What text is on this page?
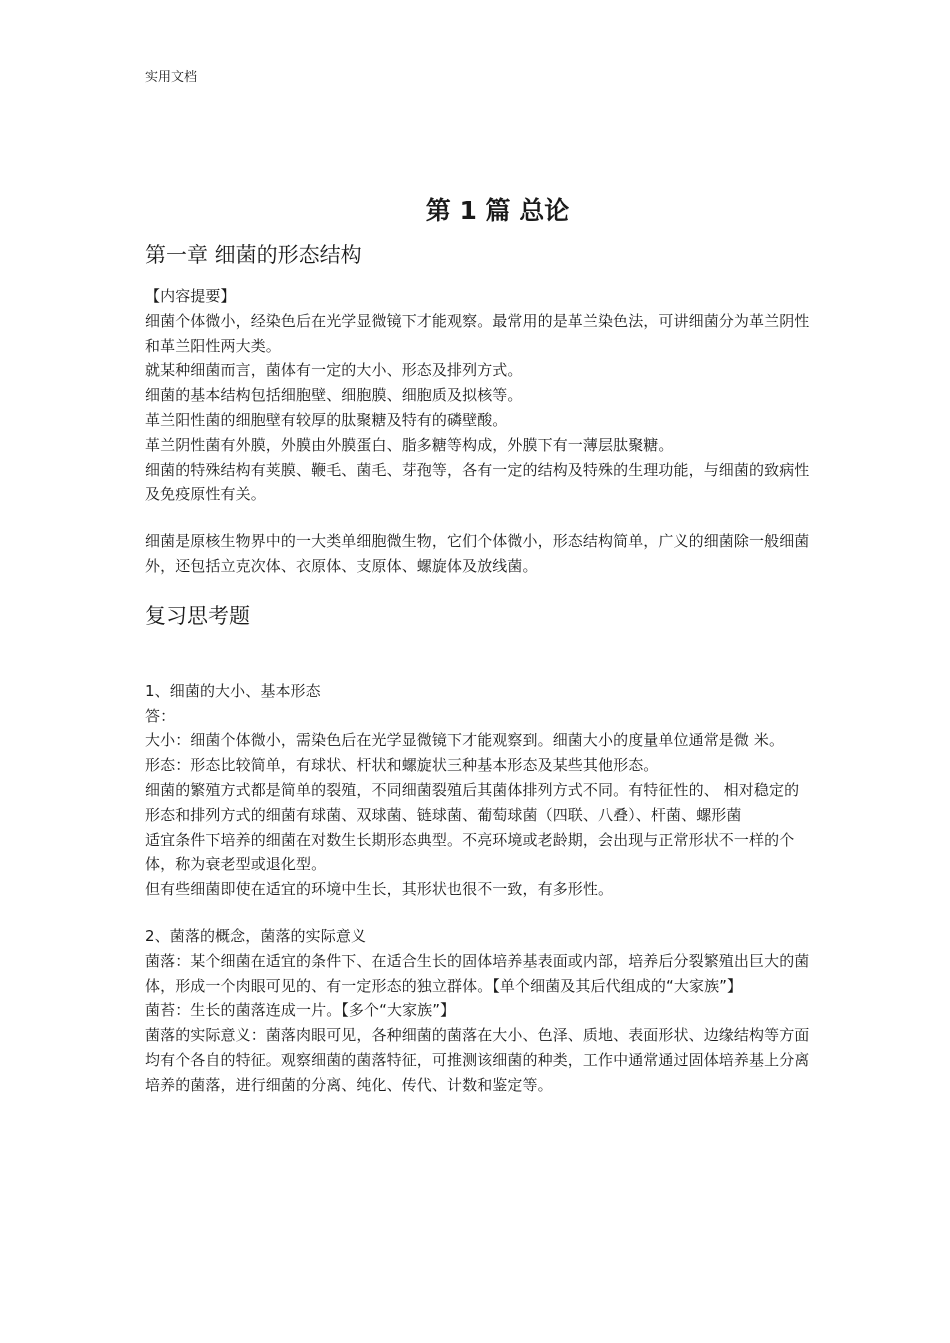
实用文档
第 1 篇 总论
第一章 细菌的形态结构

【内容提要】

细菌个体微小，经染色后在光学显微镜下才能观察。最常用的是革兰染色法，可讲细菌分为革兰阴性和革兰阳性两大类。

就某种细菌而言，菌体有一定的大小、形态及排列方式。

细菌的基本结构包括细胞壁、细胞膜、细胞质及拟核等。

革兰阳性菌的细胞壁有较厚的肽聚糖及特有的磷壁酸。

革兰阴性菌有外膜，外膜由外膜蛋白、脂多糖等构成，外膜下有一薄层肽聚糖。

细菌的特殊结构有荚膜、鞭毛、菌毛、芽孢等，各有一定的结构及特殊的生理功能，与细菌的致病性及免疫原性有关。

细菌是原核生物界中的一大类单细胞微生物，它们个体微小，形态结构简单，广义的细菌除一般细菌外，还包括立克次体、衣原体、支原体、螺旋体及放线菌。

复习思考题

1、细菌的大小、基本形态

答：

大小：细菌个体微小，需染色后在光学显微镜下才能观察到。细菌大小的度量单位通常是微 米。

形态：形态比较简单，有球状、杆状和螺旋状三种基本形态及某些其他形态。

细菌的繁殖方式都是简单的裂殖，不同细菌裂殖后其菌体排列方式不同。有特征性的、 相对稳定的形态和排列方式的细菌有球菌、双球菌、链球菌、葡萄球菌（四联、八叠）、杆菌、螺形菌

适宜条件下培养的细菌在对数生长期形态典型。不亮环境或老龄期，会出现与正常形状不一样的个体，称为衰老型或退化型。

但有些细菌即使在适宜的环境中生长，其形状也很不一致，有多形性。

2、菌落的概念，菌落的实际意义

菌落：某个细菌在适宜的条件下、在适合生长的固体培养基表面或内部，培养后分裂繁殖出巨大的菌体，形成一个肉眼可见的、有一定形态的独立群体。【单个细菌及其后代组成的“大家族”】

菌苔：生长的菌落连成一片。【多个“大家族”】

菌落的实际意义：菌落肉眼可见，各种细菌的菌落在大小、色泽、质地、表面形状、边缘结构等方面均有个各自的特征。观察细菌的菌落特征，可推测该细菌的种类，工作中通常通过固体培养基上分离培养的菌落，进行细菌的分离、纯化、传代、计数和鉴定等。
